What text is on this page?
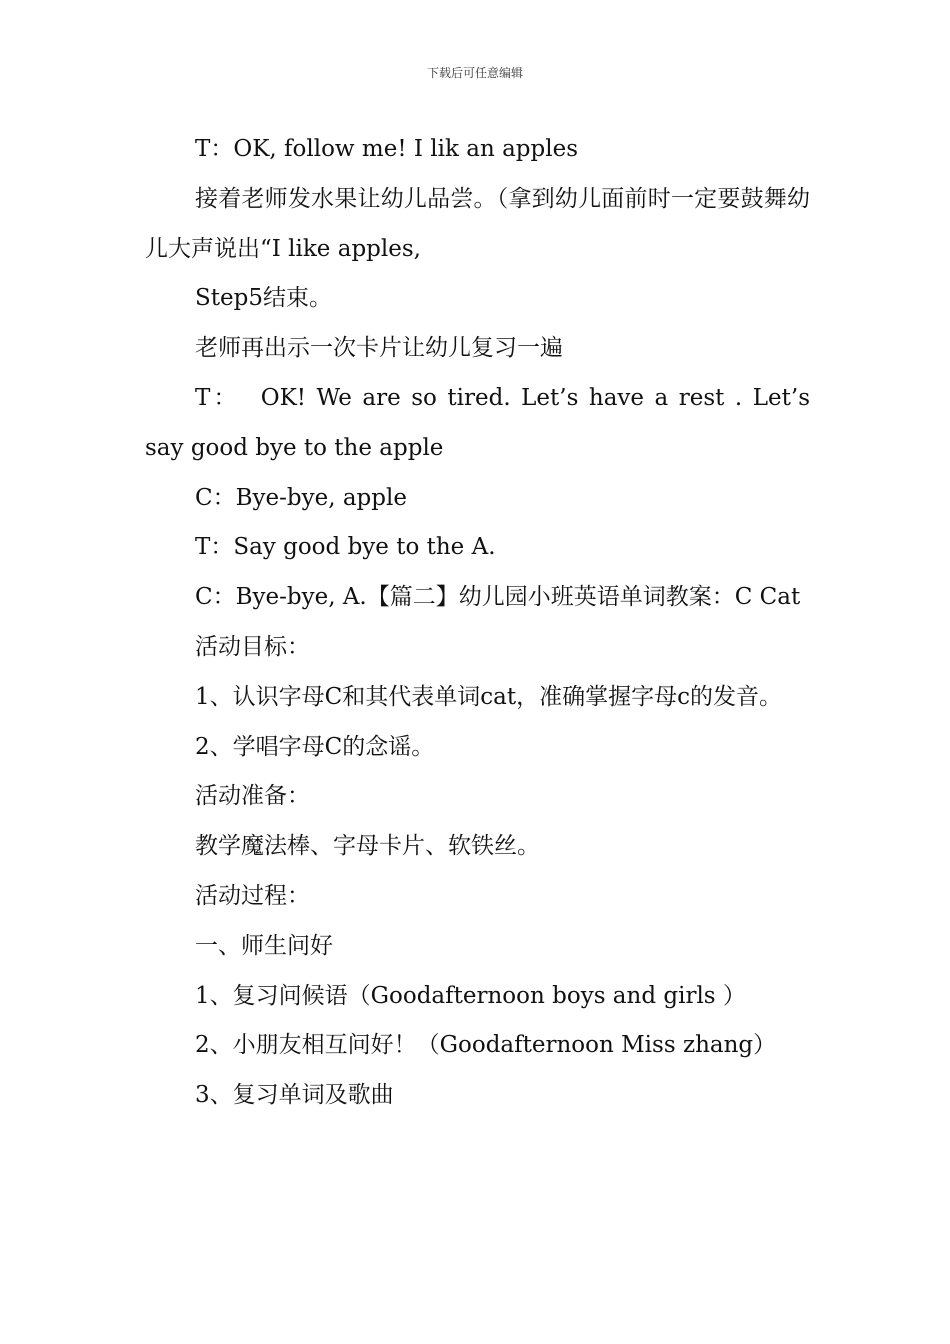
下载后可任意编辑

T：OK, follow me! I lik an apples

接着老师发水果让幼儿品尝。（拿到幼儿面前时一定要鼓舞幼儿大声说出“I like apples,

Step5结束。

老师再出示一次卡片让幼儿复习一遍

T：  OK! We are so tired. Let’s have a rest . Let’s say good bye to the apple

C：Bye-bye, apple

T：Say good bye to the A.

C：Bye-bye, A.【篇二】幼儿园小班英语单词教案：C Cat

活动目标：

1、认识字母C和其代表单词cat，准确掌握字母c的发音。

2、学唱字母C的念谣。

活动准备：

教学魔法棒、字母卡片、软铁丝。

活动过程：

一、师生问好

1、复习问候语（Goodafternoon boys and girls ）

2、小朋友相互问好！（Goodafternoon Miss zhang）

3、复习单词及歌曲
